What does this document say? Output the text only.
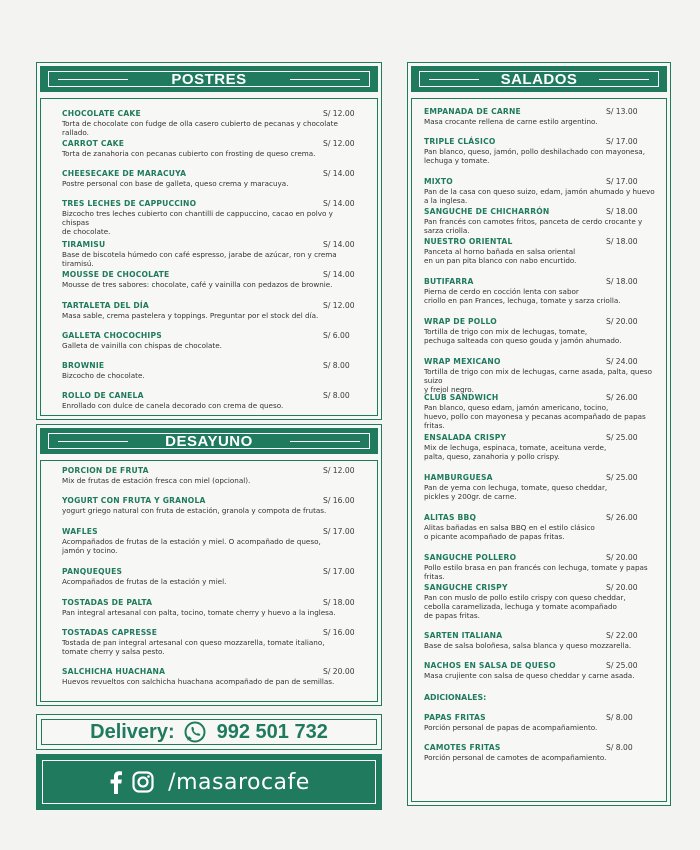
POSTRES
CHOCOLATE CAKE	S/ 12.00
Torta de chocolate con fudge de olla casero cubierto de pecanas y chocolate rallado.
CARROT CAKE	S/ 12.00
Torta de zanahoria con pecanas cubierto con frosting de queso crema.
CHEESECAKE DE MARACUYA	S/ 14.00
Postre personal con base de galleta, queso crema y maracuya.
TRES LECHES DE CAPPUCCINO	S/ 14.00
Bizcocho tres leches cubierto con chantilli de cappuccino, cacao en polvo y chispas
de chocolate.
TIRAMISU	S/ 14.00
Base de biscotela húmedo con café espresso, jarabe de azúcar, ron y crema tiramisú.
MOUSSE DE CHOCOLATE	S/ 14.00
Mousse de tres sabores: chocolate, café y vainilla con pedazos de brownie.
TARTALETA DEL DÍA	S/ 12.00
Masa sable, crema pastelera y toppings. Preguntar por el stock del día.
GALLETA CHOCOCHIPS	S/ 6.00
Galleta de vainilla con chispas de chocolate.
BROWNIE	S/ 8.00
Bizcocho de chocolate.
ROLLO DE CANELA	S/ 8.00
Enrollado con dulce de canela decorado con crema de queso.
DESAYUNO
PORCION DE FRUTA	S/ 12.00
Mix de frutas de estación fresca con miel (opcional).
YOGURT CON FRUTA Y GRANOLA	S/ 16.00
yogurt griego natural con fruta de estación, granola y compota de frutas.
WAFLES	S/ 17.00
Acompañados de frutas de la estación y miel. O acompañado de queso,
jamón y tocino.
PANQUEQUES	S/ 17.00
Acompañados de frutas de la estación y miel.
TOSTADAS DE PALTA	S/ 18.00
Pan integral artesanal con palta, tocino, tomate cherry y huevo a la inglesa.
TOSTADAS CAPRESSE	S/ 16.00
Tostada de pan integral artesanal con queso mozzarella, tomate italiano,
tomate cherry y salsa pesto.
SALCHICHA HUACHANA	S/ 20.00
Huevos revueltos con salchicha huachana acompañado de pan de semillas.
Delivery: 992 501 732
/masarocafe
SALADOS
EMPANADA DE CARNE	S/ 13.00
Masa crocante rellena de carne estilo argentino.
TRIPLE CLÁSICO	S/ 17.00
Pan blanco, queso, jamón, pollo deshilachado con mayonesa,
lechuga y tomate.
MIXTO	S/ 17.00
Pan de la casa con queso suizo, edam, jamón ahumado y huevo a la inglesa.
SANGUCHE DE CHICHARRÓN	S/ 18.00
Pan francés con camotes fritos, panceta de cerdo crocante y sarza criolla.
NUESTRO ORIENTAL	S/ 18.00
Panceta al horno bañada en salsa oriental
en un pan pita blanco con nabo encurtido.
BUTIFARRA	S/ 18.00
Pierna de cerdo en cocción lenta con sabor
criollo en pan Frances, lechuga, tomate y sarza criolla.
WRAP DE POLLO	S/ 20.00
Tortilla de trigo con mix de lechugas, tomate,
pechuga salteada con queso gouda y jamón ahumado.
WRAP MEXICANO	S/ 24.00
Tortilla de trigo con mix de lechugas, carne asada, palta, queso suizo
y frejol negro.
CLUB SANDWICH	S/ 26.00
Pan blanco, queso edam, jamón americano, tocino,
huevo, pollo con mayonesa y pecanas acompañado de papas fritas.
ENSALADA CRISPY	S/ 25.00
Mix de lechuga, espinaca, tomate, aceituna verde,
palta, queso, zanahoria y pollo crispy.
HAMBURGUESA	S/ 25.00
Pan de yema con lechuga, tomate, queso cheddar,
pickles y 200gr. de carne.
ALITAS BBQ	S/ 26.00
Alitas bañadas en salsa BBQ en el estilo clásico
o picante acompañado de papas fritas.
SANGUCHE POLLERO	S/ 20.00
Pollo estilo brasa en pan francés con lechuga, tomate y papas fritas.
SANGUCHE CRISPY	S/ 20.00
Pan con muslo de pollo estilo crispy con queso cheddar,
cebolla caramelizada, lechuga y tomate acompañado
de papas fritas.
SARTEN ITALIANA	S/ 22.00
Base de salsa boloñesa, salsa blanca y queso mozzarella.
NACHOS EN SALSA DE QUESO	S/ 25.00
Masa crujiente con salsa de queso cheddar y carne asada.
ADICIONALES:
PAPAS FRITAS	S/ 8.00
Porción personal de papas de acompañamiento.
CAMOTES FRITAS	S/ 8.00
Porción personal de camotes de acompañamiento.
